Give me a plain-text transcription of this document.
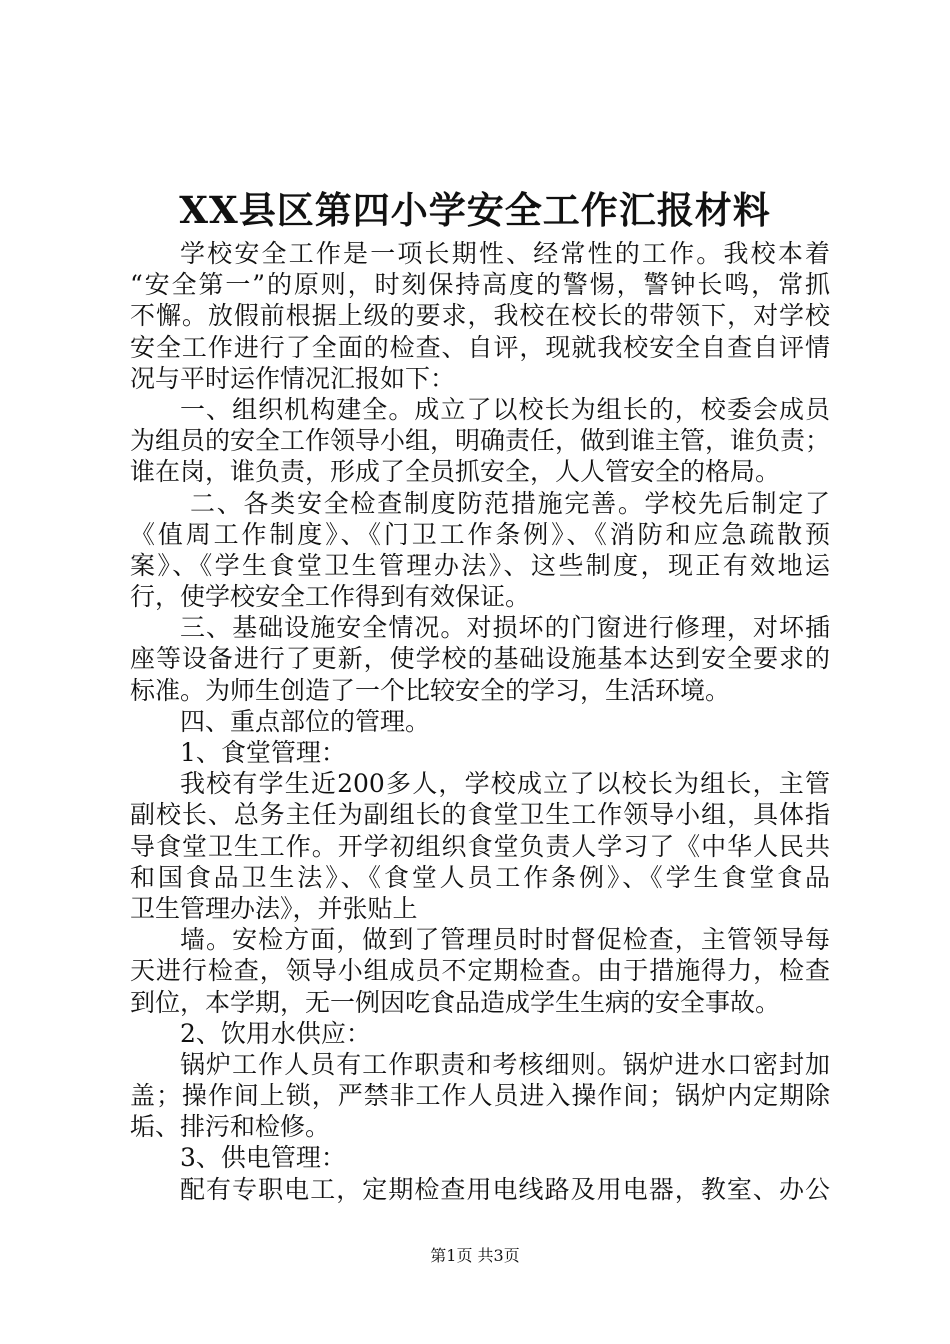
XX县区第四小学安全工作汇报材料
学校安全工作是一项长期性、经常性的工作。我校本着
“安全第一”的原则，时刻保持高度的警惕，警钟长鸣，常抓
不懈。放假前根据上级的要求，我校在校长的带领下，对学校
安全工作进行了全面的检查、自评，现就我校安全自查自评情
况与平时运作情况汇报如下：
一、组织机构建全。成立了以校长为组长的，校委会成员
为组员的安全工作领导小组，明确责任，做到谁主管，谁负责；
谁在岗，谁负责，形成了全员抓安全，人人管安全的格局。
二、各类安全检查制度防范措施完善。学校先后制定了
《值周工作制度》、《门卫工作条例》、《消防和应急疏散预
案》、《学生食堂卫生管理办法》、这些制度，现正有效地运
行，使学校安全工作得到有效保证。
三、基础设施安全情况。对损坏的门窗进行修理，对坏插
座等设备进行了更新，使学校的基础设施基本达到安全要求的
标准。为师生创造了一个比较安全的学习，生活环境。
四、重点部位的管理。
1、食堂管理：
我校有学生近200多人，学校成立了以校长为组长，主管
副校长、总务主任为副组长的食堂卫生工作领导小组，具体指
导食堂卫生工作。开学初组织食堂负责人学习了《中华人民共
和国食品卫生法》、《食堂人员工作条例》、《学生食堂食品
卫生管理办法》，并张贴上
墙。安检方面，做到了管理员时时督促检查，主管领导每
天进行检查，领导小组成员不定期检查。由于措施得力，检查
到位，本学期，无一例因吃食品造成学生生病的安全事故。
2、饮用水供应：
锅炉工作人员有工作职责和考核细则。锅炉进水口密封加
盖；操作间上锁，严禁非工作人员进入操作间；锅炉内定期除
垢、排污和检修。
3、供电管理：
配有专职电工，定期检查用电线路及用电器，教室、办公
第1页 共3页
